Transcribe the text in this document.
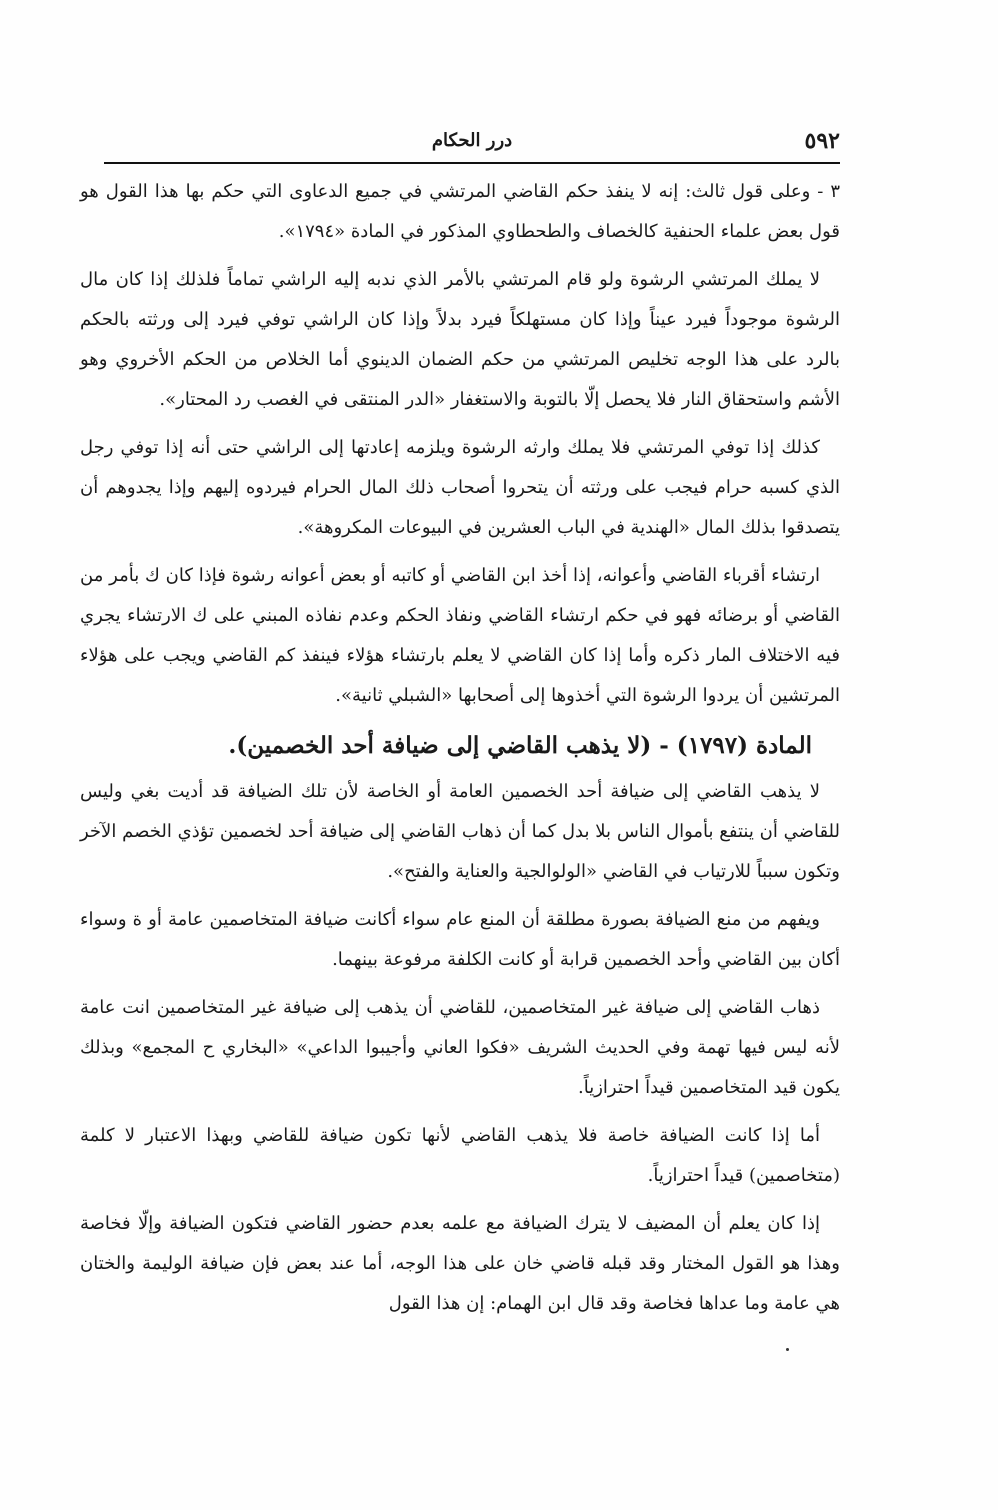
٥٩٢
درر الحكام

٣ - وعلى قول ثالث: إنه لا ينفذ حكم القاضي المرتشي في جميع الدعاوى التي حكم بها هذا القول هو قول بعض علماء الحنفية كالخصاف والطحطاوي المذكور في المادة «١٧٩٤».

لا يملك المرتشي الرشوة ولو قام المرتشي بالأمر الذي ندبه إليه الراشي تماماً فلذلك إذا كان مال الرشوة موجوداً فيرد عيناً وإذا كان مستهلكاً فيرد بدلاً وإذا كان الراشي توفي فيرد إلى ورثته بالحكم بالرد على هذا الوجه تخليص المرتشي من حكم الضمان الدينوي أما الخلاص من الحكم الأخروي وهو الأشم واستحقاق النار فلا يحصل إلّا بالتوبة والاستغفار «الدر المنتقى في الغصب رد المحتار».

كذلك إذا توفي المرتشي فلا يملك وارثه الرشوة ويلزمه إعادتها إلى الراشي حتى أنه إذا توفي رجل الذي كسبه حرام فيجب على ورثته أن يتحروا أصحاب ذلك المال الحرام فيردوه إليهم وإذا يجدوهم أن يتصدقوا بذلك المال «الهندية في الباب العشرين في البيوعات المكروهة».

ارتشاء أقرباء القاضي وأعوانه، إذا أخذ ابن القاضي أو كاتبه أو بعض أعوانه رشوة فإذا كان ك بأمر من القاضي أو برضائه فهو في حكم ارتشاء القاضي ونفاذ الحكم وعدم نفاذه المبني على ك الارتشاء يجري فيه الاختلاف المار ذكره وأما إذا كان القاضي لا يعلم بارتشاء هؤلاء فينفذ كم القاضي ويجب على هؤلاء المرتشين أن يردوا الرشوة التي أخذوها إلى أصحابها «الشبلي ثانية».

المادة (١٧٩٧) - (لا يذهب القاضي إلى ضيافة أحد الخصمين).

لا يذهب القاضي إلى ضيافة أحد الخصمين العامة أو الخاصة لأن تلك الضيافة قد أديت بغي وليس للقاضي أن ينتفع بأموال الناس بلا بدل كما أن ذهاب القاضي إلى ضيافة أحد لخصمين تؤذي الخصم الآخر وتكون سبباً للارتياب في القاضي «الولوالجية والعناية والفتح».

ويفهم من منع الضيافة بصورة مطلقة أن المنع عام سواء أكانت ضيافة المتخاصمين عامة أو ة وسواء أكان بين القاضي وأحد الخصمين قرابة أو كانت الكلفة مرفوعة بينهما.

ذهاب القاضي إلى ضيافة غير المتخاصمين، للقاضي أن يذهب إلى ضيافة غير المتخاصمين انت عامة لأنه ليس فيها تهمة وفي الحديث الشريف «فكوا العاني وأجيبوا الداعي» «البخاري ح المجمع» وبذلك يكون قيد المتخاصمين قيداً احترازياً.

أما إذا كانت الضيافة خاصة فلا يذهب القاضي لأنها تكون ضيافة للقاضي وبهذا الاعتبار لا كلمة (متخاصمين) قيداً احترازياً.

إذا كان يعلم أن المضيف لا يترك الضيافة مع علمه بعدم حضور القاضي فتكون الضيافة وإلّا فخاصة وهذا هو القول المختار وقد قبله قاضي خان على هذا الوجه، أما عند بعض فإن ضيافة الوليمة والختان هي عامة وما عداها فخاصة وقد قال ابن الهمام: إن هذا القول
